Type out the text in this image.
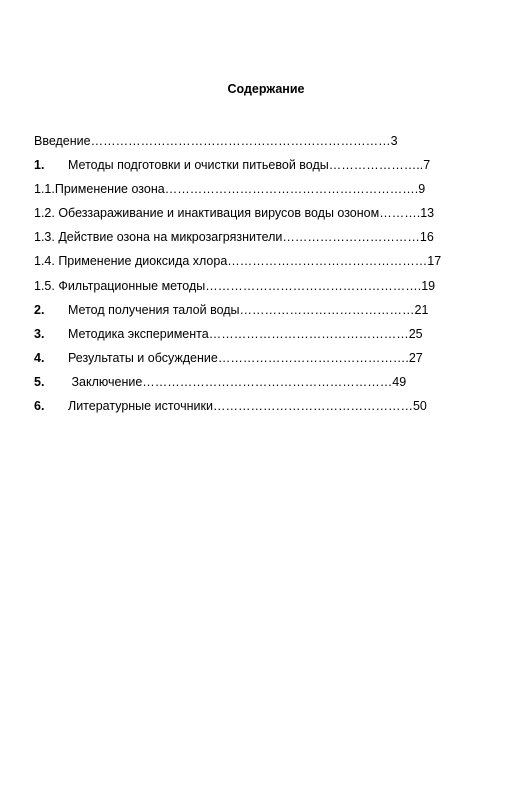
Содержание
Введение………………………………………………………………3
1. Методы подготовки и очистки питьевой воды…………………..7
1.1.Применение озона…………………………………………………….9
1.2. Обеззараживание и инактивация вирусов воды озоном……….13
1.3. Действие озона на микрозагрязнители……………………………16
1.4. Применение диоксида хлора…………………………………………17
1.5. Фильтрационные методы…………………………………………….19
2. Метод получения талой воды……………………………………21
3. Методика эксперимента…………………………………………25
4. Результаты и обсуждение……………………………………….27
5. Заключение……………………………………………………49
6. Литературные источники…………………………………………50
